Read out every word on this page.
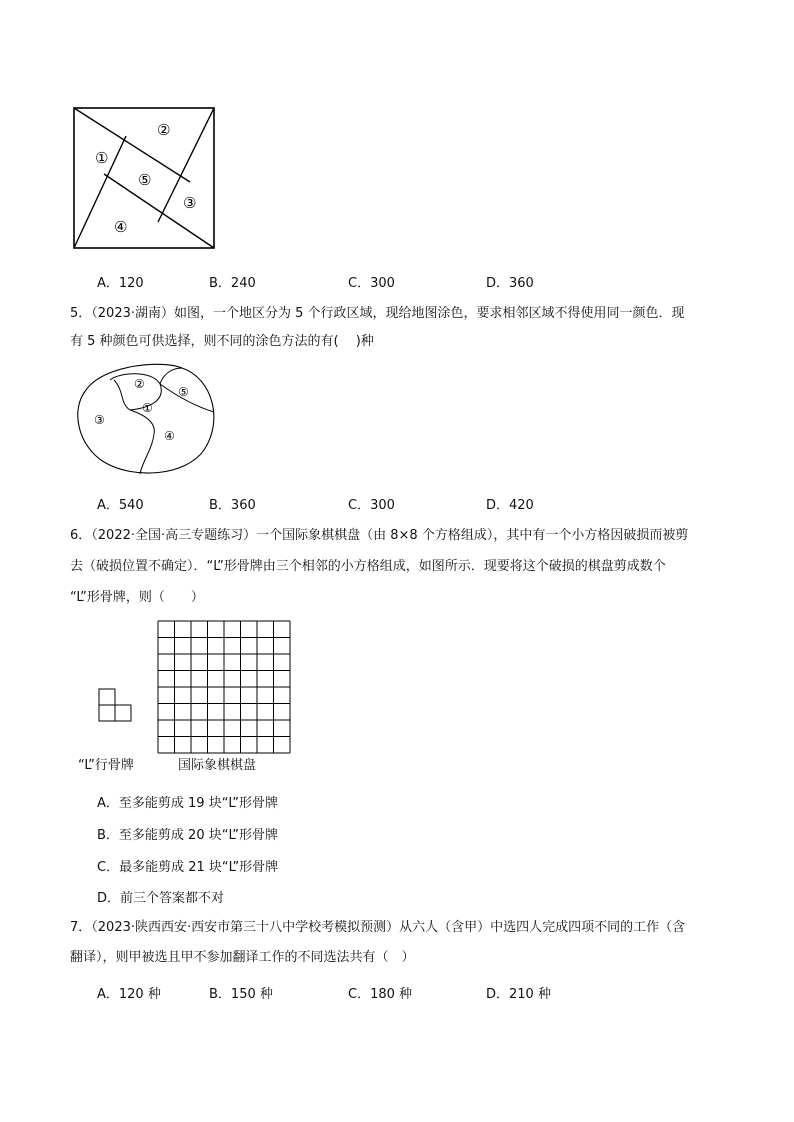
①
②
③
④
⑤
A．120	B．240	C．300	D．360
5．（2023·湖南）如图，一个地区分为 5 个行政区域，现给地图涂色，要求相邻区域不得使用同一颜色．现
有 5 种颜色可供选择，则不同的涂色方法的有(　 )种
②
①
③
④
⑤
A．540	B．360	C．300	D．420
6．（2022·全国·高三专题练习）一个国际象棋棋盘（由 8×8 个方格组成），其中有一个小方格因破损而被剪
去（破损位置不确定）．“L”形骨牌由三个相邻的小方格组成，如图所示．现要将这个破损的棋盘剪成数个
“L”形骨牌，则（　　）
“L”行骨牌	国际象棋棋盘
A．至多能剪成 19 块“L”形骨牌
B．至多能剪成 20 块“L”形骨牌
C．最多能剪成 21 块“L”形骨牌
D．前三个答案都不对
7．（2023·陕西西安·西安市第三十八中学校考模拟预测）从六人（含甲）中选四人完成四项不同的工作（含
翻译），则甲被选且甲不参加翻译工作的不同选法共有（　）
A．120 种	B．150 种	C．180 种	D．210 种
